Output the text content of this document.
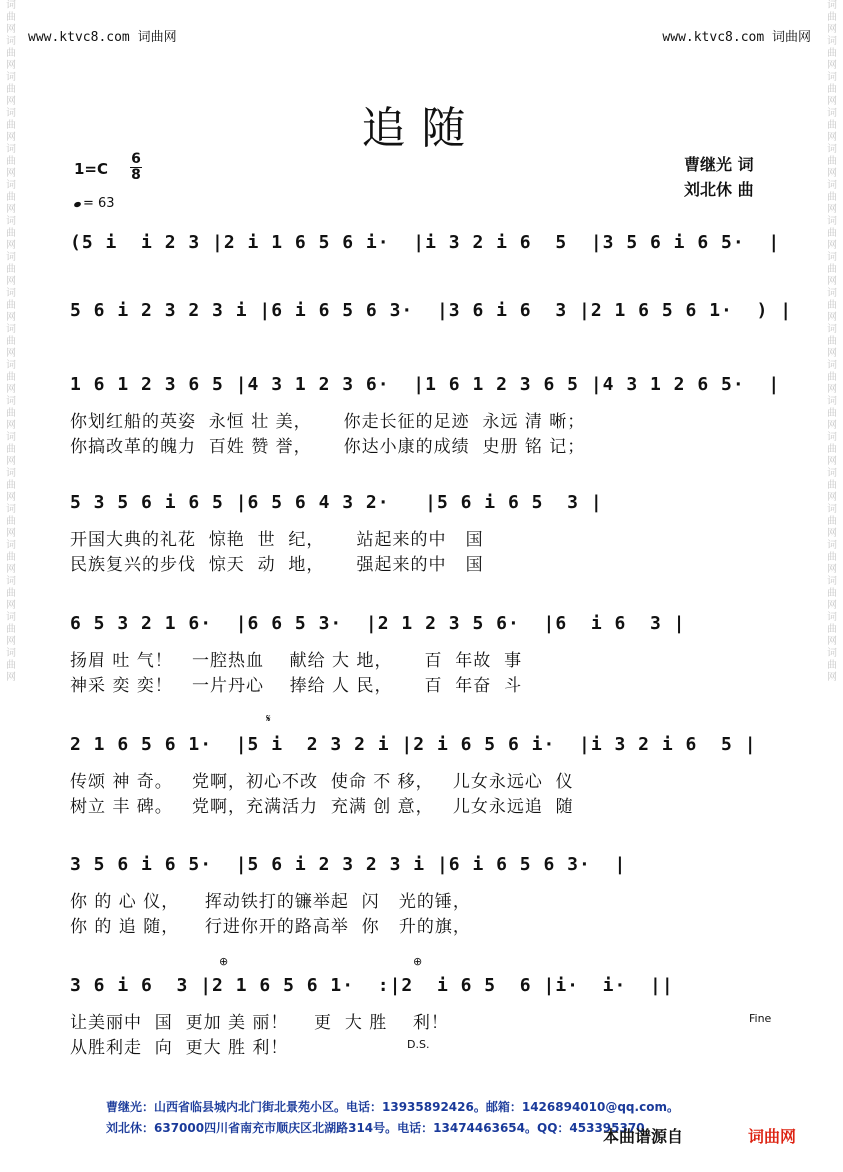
词
曲
网
词
曲
网
词
曲
网
词
曲
网
词
曲
网
词
曲
网
词
曲
网
词
曲
网
词
曲
网
词
曲
网
词
曲
网
词
曲
网
词
曲
网
词
曲
网
词
曲
网
词
曲
网
词
曲
网
词
曲
网
词
曲
网
词
曲
网
词
曲
网
词
曲
网
词
曲
网
词
曲
网
词
曲
网
词
曲
网
词
曲
网
词
曲
网
词
曲
网
词
曲
网
词
曲
网
词
曲
网
词
曲
网
词
曲
网
词
曲
网
词
曲
网
词
曲
网
词
曲
网
www.ktvc8.com 词曲网	www.ktvc8.com 词曲网
追随
1=C
6
8
= 63
曹继光 词
刘北休 曲
(5 i  i 2 3 |2 i 1 6 5 6 i·  |i 3 2 i 6  5  |3 5 6 i 6 5·  |
5 6 i 2 3 2 3 i |6 i 6 5 6 3·  |3 6 i 6  3 |2 1 6 5 6 1·  ) |
1 6 1 2 3 6 5 |4 3 1 2 3 6·  |1 6 1 2 3 6 5 |4 3 1 2 6 5·  |
你划红船的英姿  永恒 壮 美，     你走长征的足迹  永远 清 晰；
你搞改革的魄力  百姓 赞 誉，     你达小康的成绩  史册 铭 记；
5 3 5 6 i 6 5 |6 5 6 4 3 2·   |5 6 i 6 5  3 |
开国大典的礼花  惊艳  世  纪，     站起来的中   国
民族复兴的步伐  惊天  动  地，     强起来的中   国
6 5 3 2 1 6·  |6 6 5 3·  |2 1 2 3 5 6·  |6  i 6  3 |
扬眉 吐 气！   一腔热血    献给 大 地，     百  年故  事
神采 奕 奕！   一片丹心    捧给 人 民，     百  年奋  斗
𝄋
2 1 6 5 6 1·  |5 i  2 3 2 i |2 i 6 5 6 i·  |i 3 2 i 6  5 |
传颂 神 奇。   党啊，初心不改  使命 不 移，   儿女永远心  仪
树立 丰 碑。   党啊，充满活力  充满 创 意，   儿女永远追  随
3 5 6 i 6 5·  |5 6 i 2 3 2 3 i |6 i 6 5 6 3·  |
你 的 心 仪，    挥动铁打的镰举起  闪   光的锤，
你 的 追 随，    行进你开的路高举  你   升的旗，
⊕	⊕
3 6 i 6  3 |2 1 6 5 6 1·  :|2  i 6 5  6 |i·  i·  ||
让美丽中  国  更加 美 丽！    更  大 胜    利！
从胜利走  向  更大 胜 利！	D.S.
Fine
曹继光：山西省临县城内北门街北景苑小区。电话：13935892426。邮箱：1426894010@qq.com。
刘北休：637000四川省南充市顺庆区北湖路314号。电话：13474463654。QQ：453395370
本曲谱源自	词曲网
